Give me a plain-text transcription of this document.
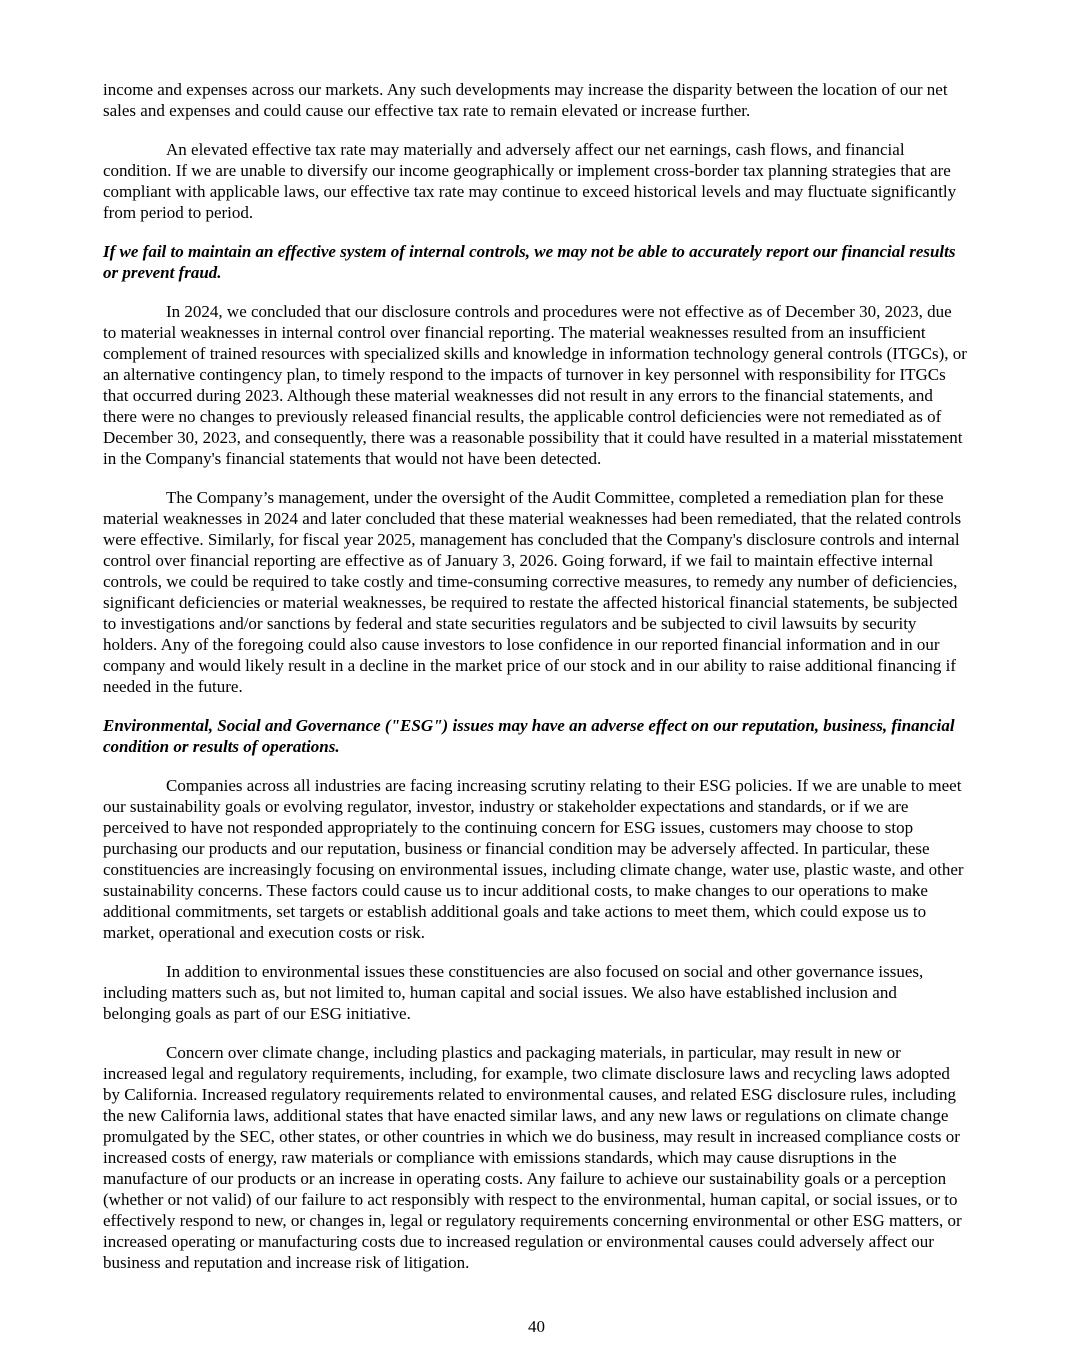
income and expenses across our markets. Any such developments may increase the disparity between the location of our net sales and expenses and could cause our effective tax rate to remain elevated or increase further.

An elevated effective tax rate may materially and adversely affect our net earnings, cash flows, and financial condition. If we are unable to diversify our income geographically or implement cross-border tax planning strategies that are compliant with applicable laws, our effective tax rate may continue to exceed historical levels and may fluctuate significantly from period to period.

If we fail to maintain an effective system of internal controls, we may not be able to accurately report our financial results or prevent fraud.

In 2024, we concluded that our disclosure controls and procedures were not effective as of December 30, 2023, due to material weaknesses in internal control over financial reporting. The material weaknesses resulted from an insufficient complement of trained resources with specialized skills and knowledge in information technology general controls (ITGCs), or an alternative contingency plan, to timely respond to the impacts of turnover in key personnel with responsibility for ITGCs that occurred during 2023. Although these material weaknesses did not result in any errors to the financial statements, and there were no changes to previously released financial results, the applicable control deficiencies were not remediated as of December 30, 2023, and consequently, there was a reasonable possibility that it could have resulted in a material misstatement in the Company's financial statements that would not have been detected.

The Company’s management, under the oversight of the Audit Committee, completed a remediation plan for these material weaknesses in 2024 and later concluded that these material weaknesses had been remediated, that the related controls were effective. Similarly, for fiscal year 2025, management has concluded that the Company's disclosure controls and internal control over financial reporting are effective as of January 3, 2026. Going forward, if we fail to maintain effective internal controls, we could be required to take costly and time-consuming corrective measures, to remedy any number of deficiencies, significant deficiencies or material weaknesses, be required to restate the affected historical financial statements, be subjected to investigations and/or sanctions by federal and state securities regulators and be subjected to civil lawsuits by security holders. Any of the foregoing could also cause investors to lose confidence in our reported financial information and in our company and would likely result in a decline in the market price of our stock and in our ability to raise additional financing if needed in the future.

Environmental, Social and Governance ("ESG") issues may have an adverse effect on our reputation, business, financial condition or results of operations.

Companies across all industries are facing increasing scrutiny relating to their ESG policies. If we are unable to meet our sustainability goals or evolving regulator, investor, industry or stakeholder expectations and standards, or if we are perceived to have not responded appropriately to the continuing concern for ESG issues, customers may choose to stop purchasing our products and our reputation, business or financial condition may be adversely affected. In particular, these constituencies are increasingly focusing on environmental issues, including climate change, water use, plastic waste, and other sustainability concerns. These factors could cause us to incur additional costs, to make changes to our operations to make additional commitments, set targets or establish additional goals and take actions to meet them, which could expose us to market, operational and execution costs or risk.

In addition to environmental issues these constituencies are also focused on social and other governance issues, including matters such as, but not limited to, human capital and social issues. We also have established inclusion and belonging goals as part of our ESG initiative.

Concern over climate change, including plastics and packaging materials, in particular, may result in new or increased legal and regulatory requirements, including, for example, two climate disclosure laws and recycling laws adopted by California. Increased regulatory requirements related to environmental causes, and related ESG disclosure rules, including the new California laws, additional states that have enacted similar laws, and any new laws or regulations on climate change promulgated by the SEC, other states, or other countries in which we do business, may result in increased compliance costs or increased costs of energy, raw materials or compliance with emissions standards, which may cause disruptions in the manufacture of our products or an increase in operating costs. Any failure to achieve our sustainability goals or a perception (whether or not valid) of our failure to act responsibly with respect to the environmental, human capital, or social issues, or to effectively respond to new, or changes in, legal or regulatory requirements concerning environmental or other ESG matters, or increased operating or manufacturing costs due to increased regulation or environmental causes could adversely affect our business and reputation and increase risk of litigation.

40
